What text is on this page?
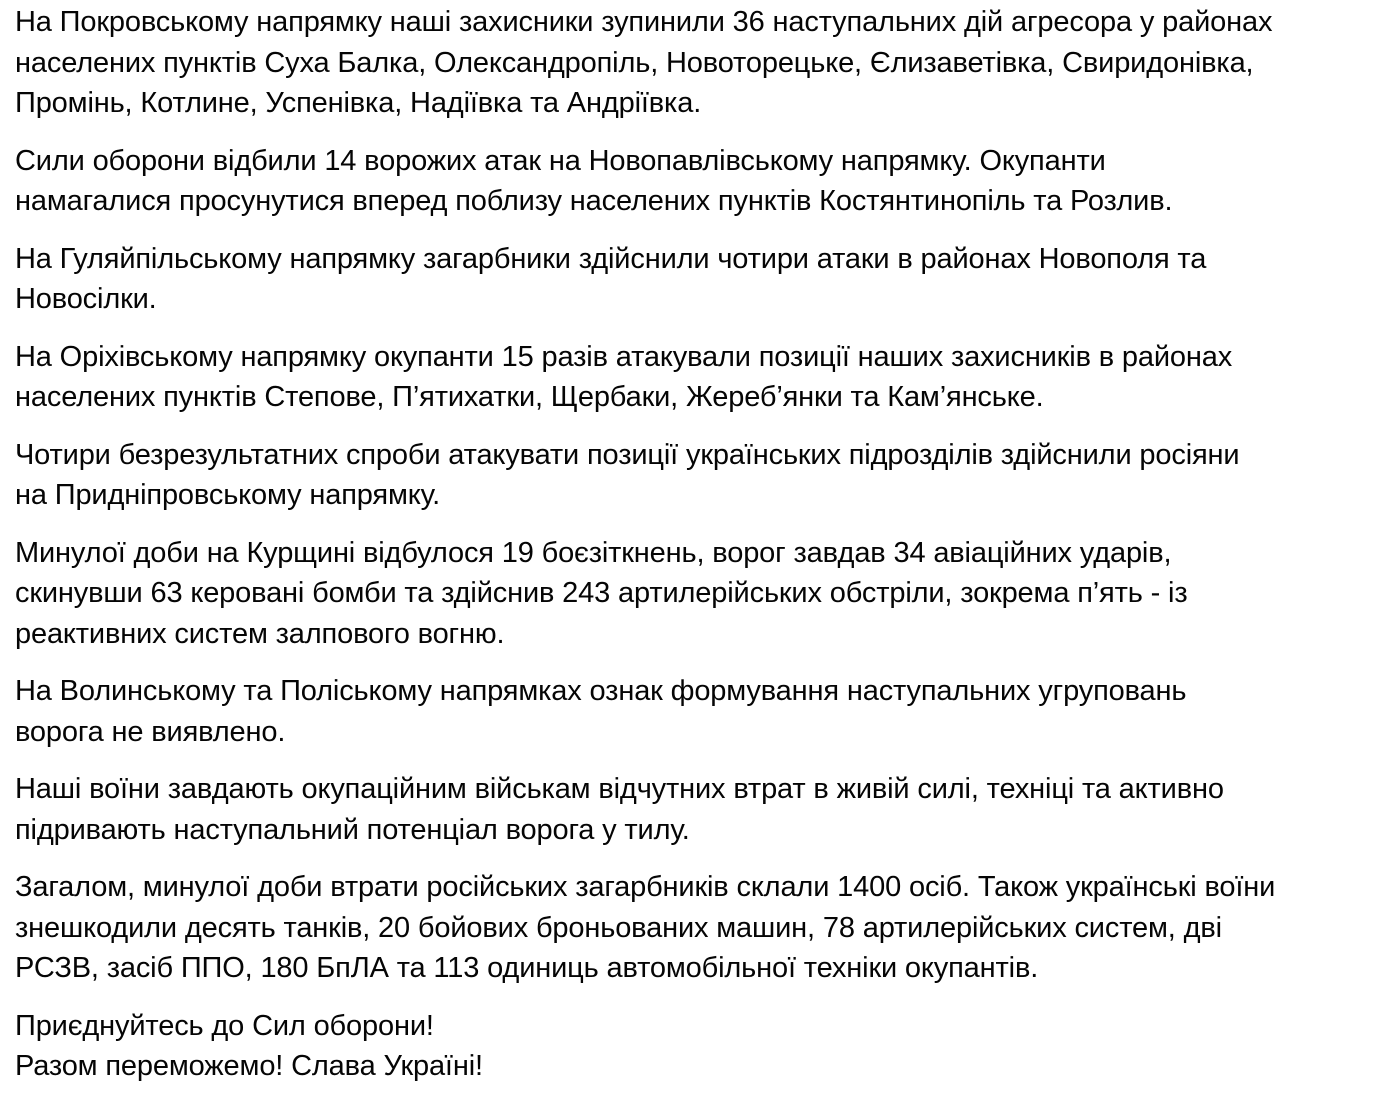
На Покровському напрямку наші захисники зупинили 36 наступальних дій агресора у районах
населених пунктів Суха Балка, Олександропіль, Новоторецьке, Єлизаветівка, Свиридонівка,
Промінь, Котлине, Успенівка, Надіївка та Андріївка.

Сили оборони відбили 14 ворожих атак на Новопавлівському напрямку. Окупанти
намагалися просунутися вперед поблизу населених пунктів Костянтинопіль та Розлив.

На Гуляйпільському напрямку загарбники здійснили чотири атаки в районах Новополя та
Новосілки.

На Оріхівському напрямку окупанти 15 разів атакували позиції наших захисників в районах
населених пунктів Степове, П’ятихатки, Щербаки, Жереб’янки та Кам’янське.

Чотири безрезультатних спроби атакувати позиції українських підрозділів здійснили росіяни
на Придніпровському напрямку.

Минулої доби на Курщині відбулося 19 боєзіткнень, ворог завдав 34 авіаційних ударів,
скинувши 63 керовані бомби та здійснив 243 артилерійських обстріли, зокрема п’ять - із
реактивних систем залпового вогню.

На Волинському та Поліському напрямках ознак формування наступальних угруповань
ворога не виявлено.

Наші воїни завдають окупаційним військам відчутних втрат в живій силі, техніці та активно
підривають наступальний потенціал ворога у тилу.

Загалом, минулої доби втрати російських загарбників склали 1400 осіб. Також українські воїни
знешкодили десять танків, 20 бойових броньованих машин, 78 артилерійських систем, дві
РСЗВ, засіб ППО, 180 БпЛА та 113 одиниць автомобільної техніки окупантів.

Приєднуйтесь до Сил оборони!
Разом переможемо! Слава Україні!
